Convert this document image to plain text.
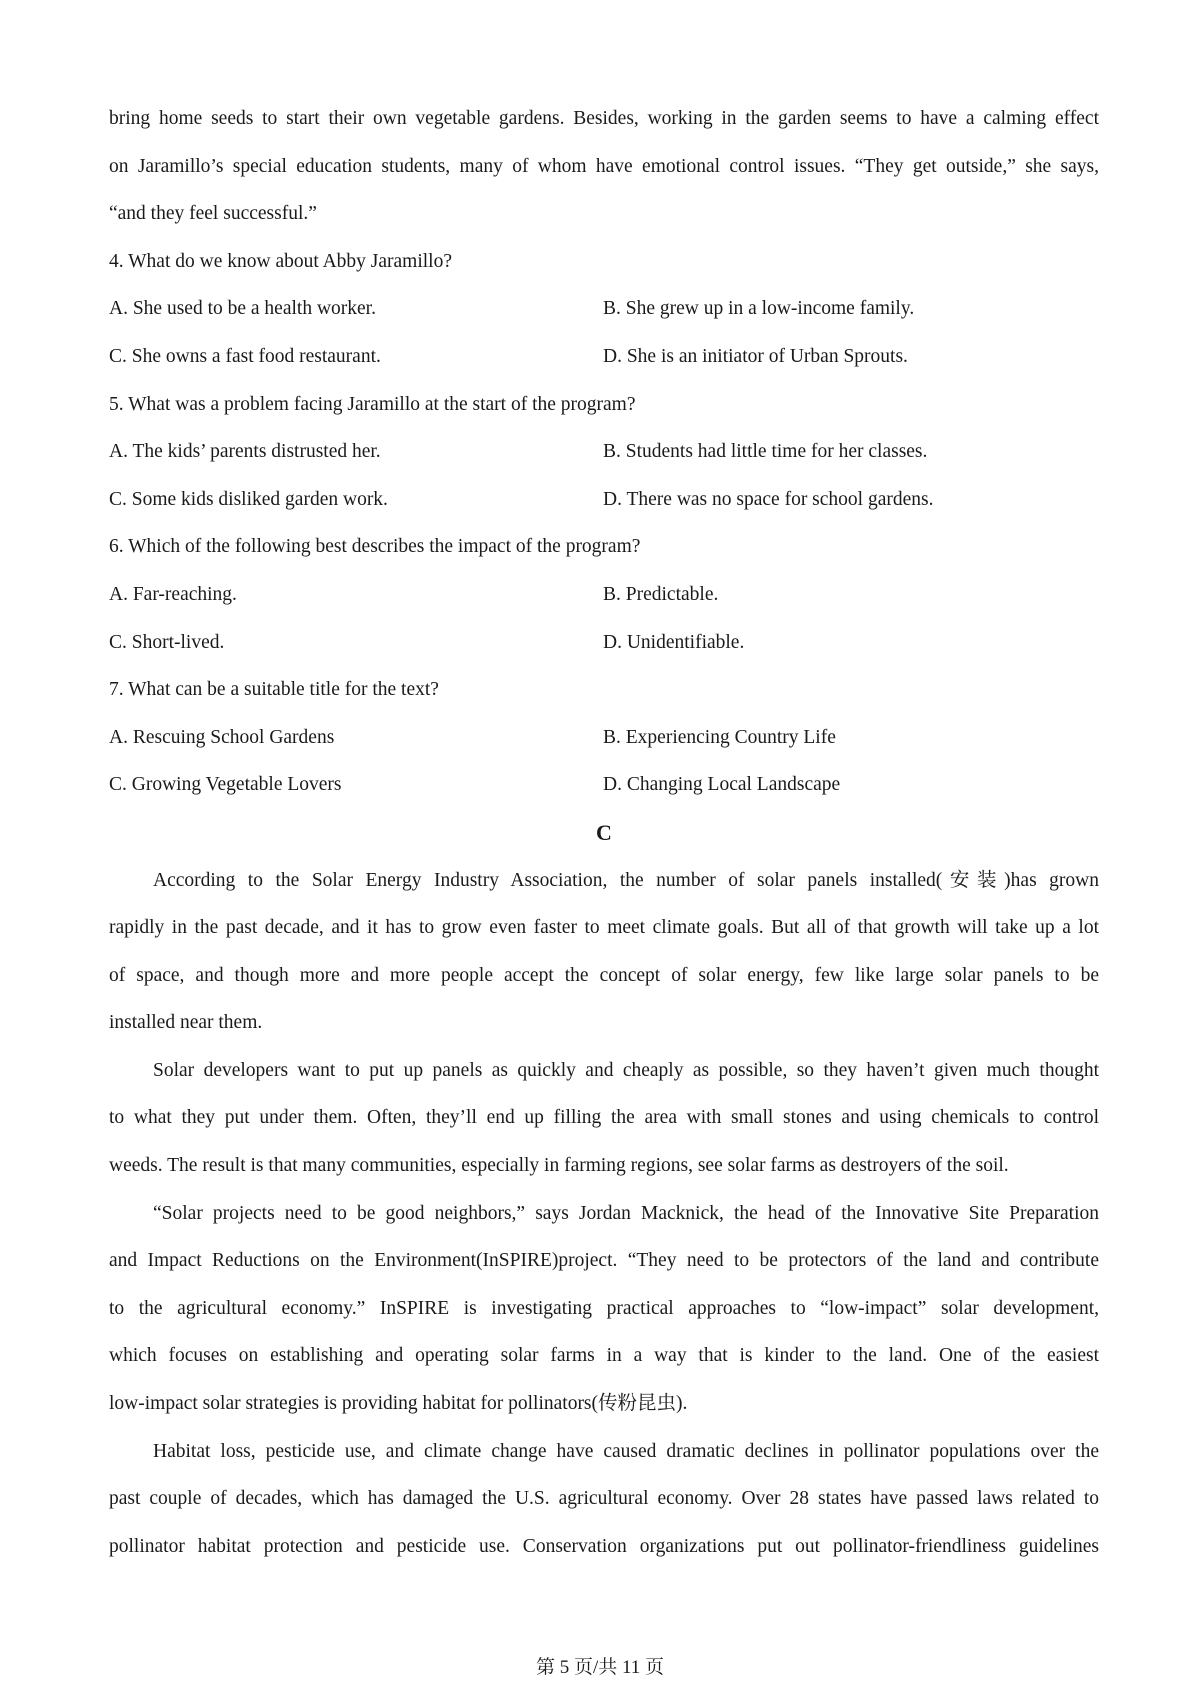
bring home seeds to start their own vegetable gardens. Besides, working in the garden seems to have a calming effect
on Jaramillo’s special education students, many of whom have emotional control issues. “They get outside,” she says,
“and they feel successful.”
4. What do we know about Abby Jaramillo?
A. She used to be a health worker.	B. She grew up in a low-income family.
C. She owns a fast food restaurant.	D. She is an initiator of Urban Sprouts.
5. What was a problem facing Jaramillo at the start of the program?
A. The kids’ parents distrusted her.	B. Students had little time for her classes.
C. Some kids disliked garden work.	D. There was no space for school gardens.
6. Which of the following best describes the impact of the program?
A. Far-reaching.	B. Predictable.
C. Short-lived.	D. Unidentifiable.
7. What can be a suitable title for the text?
A. Rescuing School Gardens	B. Experiencing Country Life
C. Growing Vegetable Lovers	D. Changing Local Landscape
C
According to the Solar Energy Industry Association, the number of solar panels installed(安装)has grown
rapidly in the past decade, and it has to grow even faster to meet climate goals. But all of that growth will take up a lot
of space, and though more and more people accept the concept of solar energy, few like large solar panels to be
installed near them.
Solar developers want to put up panels as quickly and cheaply as possible, so they haven’t given much thought
to what they put under them. Often, they’ll end up filling the area with small stones and using chemicals to control
weeds. The result is that many communities, especially in farming regions, see solar farms as destroyers of the soil.
“Solar projects need to be good neighbors,” says Jordan Macknick, the head of the Innovative Site Preparation
and Impact Reductions on the Environment(InSPIRE)project. “They need to be protectors of the land and contribute
to the agricultural economy.” InSPIRE is investigating practical approaches to “low-impact” solar development,
which focuses on establishing and operating solar farms in a way that is kinder to the land. One of the easiest
low-impact solar strategies is providing habitat for pollinators(传粉昆虫).
Habitat loss, pesticide use, and climate change have caused dramatic declines in pollinator populations over the
past couple of decades, which has damaged the U.S. agricultural economy. Over 28 states have passed laws related to
pollinator habitat protection and pesticide use. Conservation organizations put out pollinator-friendliness guidelines
第 5 页/共 11 页
